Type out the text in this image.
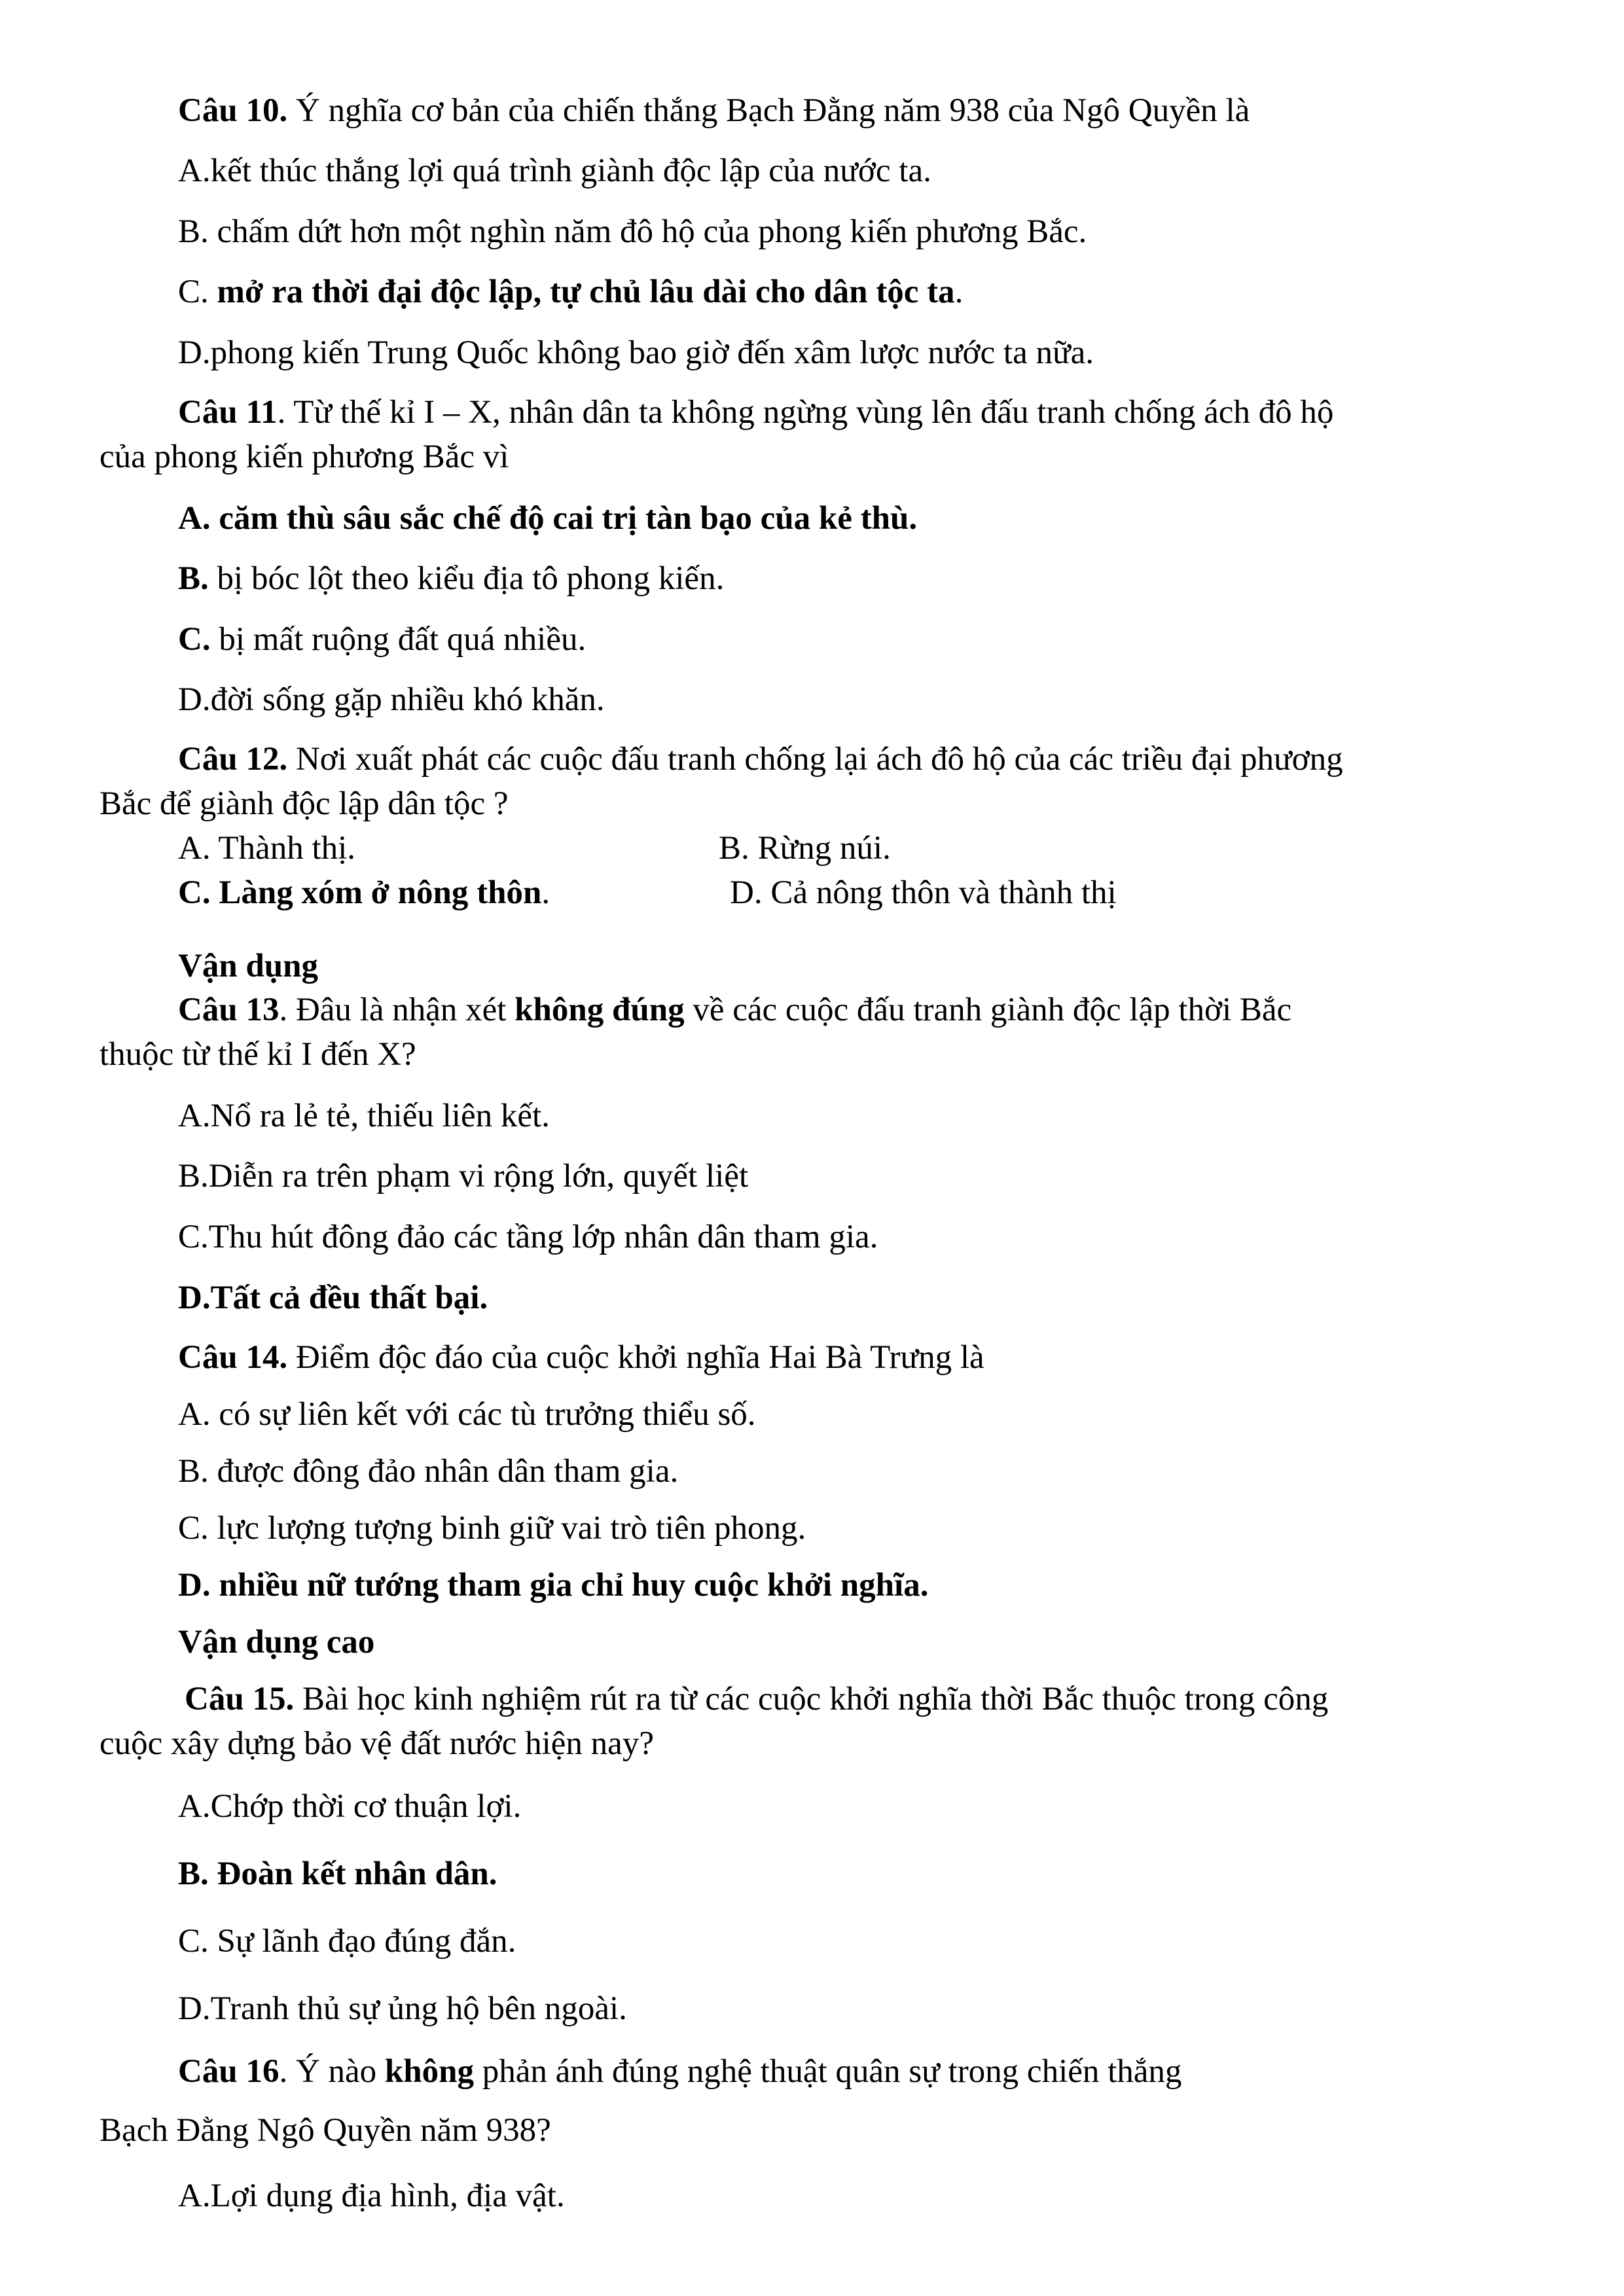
Câu 10. Ý nghĩa cơ bản của chiến thắng Bạch Đằng năm 938 của Ngô Quyền là
A.kết thúc thắng lợi quá trình giành độc lập của nước ta.
B. chấm dứt hơn một nghìn năm đô hộ của phong kiến phương Bắc.
C. mở ra thời đại độc lập, tự chủ lâu dài cho dân tộc ta.
D.phong kiến Trung Quốc không bao giờ đến xâm lược nước ta nữa.
Câu 11. Từ thế kỉ I – X, nhân dân ta không ngừng vùng lên đấu tranh chống ách đô hộ
của phong kiến phương Bắc vì
A. căm thù sâu sắc chế độ cai trị tàn bạo của kẻ thù.
B. bị bóc lột theo kiểu địa tô phong kiến.
C. bị mất ruộng đất quá nhiều.
D.đời sống gặp nhiều khó khăn.
Câu 12. Nơi xuất phát các cuộc đấu tranh chống lại ách đô hộ của các triều đại phương
Bắc để giành độc lập dân tộc ?
A. Thành thị.	B. Rừng núi.
C. Làng xóm ở nông thôn.	D. Cả nông thôn và thành thị
Vận dụng
Câu 13. Đâu là nhận xét không đúng về các cuộc đấu tranh giành độc lập thời Bắc
thuộc từ thế kỉ I đến X?
A.Nổ ra lẻ tẻ, thiếu liên kết.
B.Diễn ra trên phạm vi rộng lớn, quyết liệt
C.Thu hút đông đảo các tầng lớp nhân dân tham gia.
D.Tất cả đều thất bại.
Câu 14. Điểm độc đáo của cuộc khởi nghĩa Hai Bà Trưng là
A. có sự liên kết với các tù trưởng thiểu số.
B. được đông đảo nhân dân tham gia.
C. lực lượng tượng binh giữ vai trò tiên phong.
D. nhiều nữ tướng tham gia chỉ huy cuộc khởi nghĩa.
Vận dụng cao
Câu 15. Bài học kinh nghiệm rút ra từ các cuộc khởi nghĩa thời Bắc thuộc trong công
cuộc xây dựng bảo vệ đất nước hiện nay?
A.Chớp thời cơ thuận lợi.
B. Đoàn kết nhân dân.
C. Sự lãnh đạo đúng đắn.
D.Tranh thủ sự ủng hộ bên ngoài.
Câu 16. Ý nào không phản ánh đúng nghệ thuật quân sự trong chiến thắng
Bạch Đằng Ngô Quyền năm 938?
A.Lợi dụng địa hình, địa vật.
